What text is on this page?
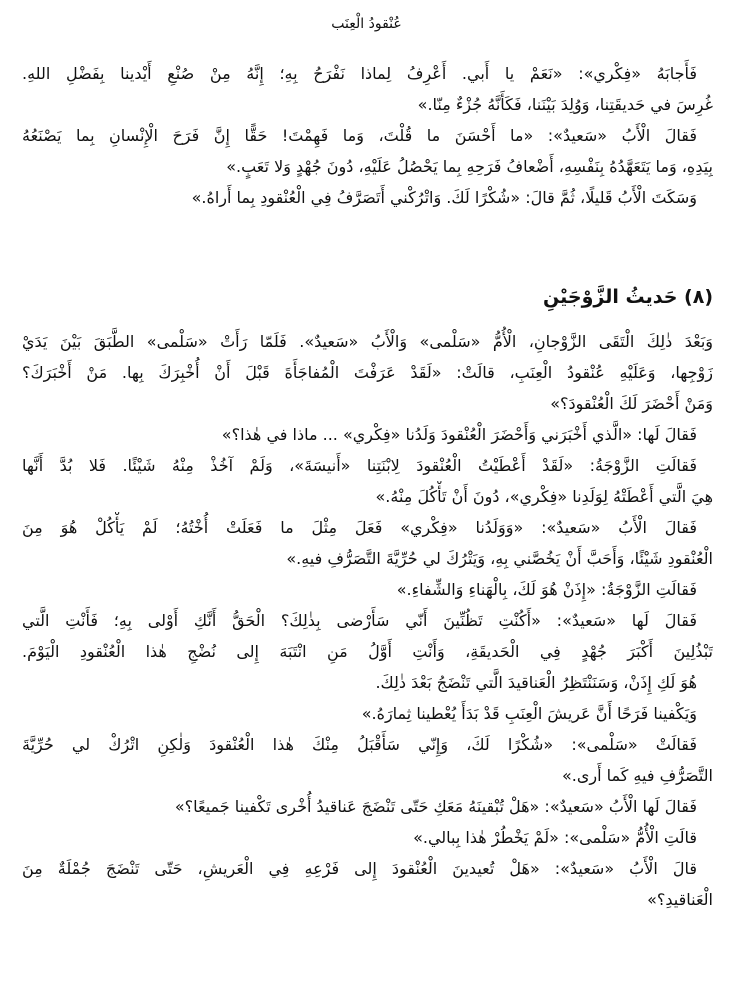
عُنْقودُ الْعِنَب
فَأَجابَهُ «فِكْري»: «نَعَمْ يا أَبي. أَعْرِفُ لِماذا نَفْرَحُ بِهِ؛ إِنَّهُ مِنْ صُنْعِ أَيْدينا بِفَضْلِ اللهِ.
غُرِسَ في حَديقَتِنا، وَوُلِدَ بَيْنَنا، فَكَأَنَّهُ جُزْءٌ مِنّا.»
فَقالَ الْأَبُ «سَعيدٌ»: «ما أَحْسَنَ ما قُلْتَ، وَما فَهِمْتَ! حَقًّا إِنَّ فَرَحَ الْإِنْسانِ بِما يَصْنَعُهُ
بِيَدِهِ، وَما يَتَعَهَّدُهُ بِنَفْسِهِ، أَضْعافُ فَرَحِهِ بِما يَحْصُلُ عَلَيْهِ، دُونَ جُهْدٍ وَلا تَعَبٍ.»
وَسَكَتَ الْأَبُ قَليلًا، ثُمَّ قالَ: «شُكْرًا لَكَ. وَاتْرُكْني أَتَصَرَّفُ فِي الْعُنْقودِ بِما أَراهُ.»
(٨) حَديثُ الزَّوْجَيْنِ
وَبَعْدَ ذٰلِكَ الْتَقَى الزَّوْجانِ، الْأُمُّ «سَلْمى» وَالْأَبُ «سَعيدٌ». فَلَمّا رَأَتْ «سَلْمى» الطَّبَقَ بَيْنَ يَدَيْ
زَوْجِها، وَعَلَيْهِ عُنْقودُ الْعِنَبِ، قالَتْ: «لَقَدْ عَرَفْتَ الْمُفاجَأَةَ قَبْلَ أَنْ أُخْبِرَكَ بِها. مَنْ أَخْبَرَكَ؟
وَمَنْ أَحْضَرَ لَكَ الْعُنْقودَ؟»
فَقالَ لَها: «الَّذي أَخْبَرَني وَأَحْضَرَ الْعُنْقودَ وَلَدُنا «فِكْري» ... ماذا في هٰذا؟»
فَقالَتِ الزَّوْجَةُ: «لَقَدْ أَعْطَيْتُ الْعُنْقودَ لِابْنَتِنا «أَنيسَةَ»، وَلَمْ آخُذْ مِنْهُ شَيْئًا. فَلا بُدَّ أَنَّها
هِيَ الَّتي أَعْطَتْهُ لِوَلَدِنا «فِكْري»، دُونَ أَنْ تَأْكُلَ مِنْهُ.»
فَقالَ الْأَبُ «سَعيدٌ»: «وَوَلَدُنا «فِكْري» فَعَلَ مِثْلَ ما فَعَلَتْ أُخْتُهُ؛ لَمْ يَأْكُلْ هُوَ مِنَ
الْعُنْقودِ شَيْئًا، وَأَحَبَّ أَنْ يَخُصَّني بِهِ، وَيَتْرُكَ لي حُرِّيَّةَ التَّصَرُّفِ فيهِ.»
فَقالَتِ الزَّوْجَةُ: «إِذَنْ هُوَ لَكَ، بِالْهَناءِ وَالشِّفاءِ.»
فَقالَ لَها «سَعيدٌ»: «أَكُنْتِ تَظُنِّينَ أَنّي سَأَرْضى بِذٰلِكَ؟ الْحَقُّ أَنَّكِ أَوْلى بِهِ؛ فَأَنْتِ الَّتي
تَبْذُلِينَ أَكْبَرَ جُهْدٍ فِي الْحَديقَةِ، وَأَنْتِ أَوَّلُ مَنِ انْتَبَهَ إِلى نُضْجِ هٰذا الْعُنْقودِ الْيَوْمَ.
هُوَ لَكِ إِذَنْ، وَسَنَنْتَظِرُ الْعَناقيدَ الَّتي تَنْضَجُ بَعْدَ ذٰلِكَ.
وَيَكْفينا فَرَحًا أَنَّ عَريشَ الْعِنَبِ قَدْ بَدَأَ يُعْطينا ثِمارَهُ.»
فَقالَتْ «سَلْمى»: «شُكْرًا لَكَ، وَإِنّي سَأَقْبَلُ مِنْكَ هٰذا الْعُنْقودَ وَلٰكِنِ اتْرُكْ لي حُرِّيَّةَ
التَّصَرُّفِ فيهِ كَما أَرى.»
فَقالَ لَها الْأَبُ «سَعيدٌ»: «هَلْ تُبْقينَهُ مَعَكِ حَتّى تَنْضَجَ عَناقيدُ أُخْرى تَكْفينا جَميعًا؟»
قالَتِ الْأُمُّ «سَلْمى»: «لَمْ يَخْطُرْ هٰذا بِبالي.»
قالَ الْأَبُ «سَعيدٌ»: «هَلْ تُعيدينَ الْعُنْقودَ إِلى فَرْعِهِ فِي الْعَريشِ، حَتّى تَنْضَجَ جُمْلَةٌ مِنَ
الْعَناقيدِ؟»
